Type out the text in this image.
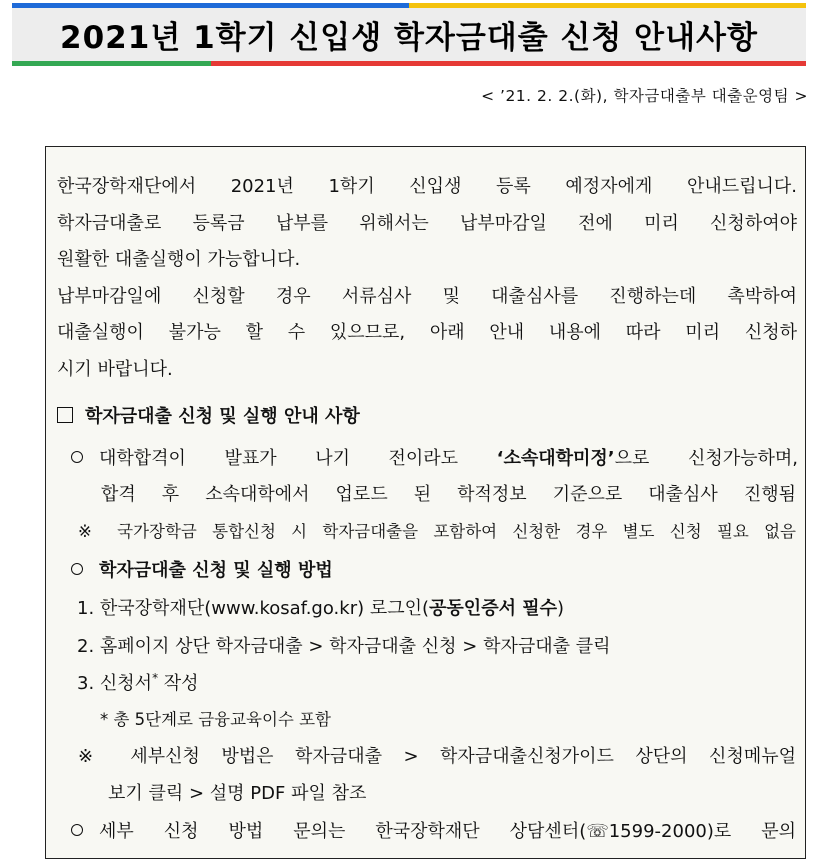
2021년 1학기 신입생 학자금대출 신청 안내사항
< ’21. 2. 2.(화), 학자금대출부 대출운영팀 >
한국장학재단에서 2021년 1학기 신입생 등록 예정자에게 안내드립니다.
학자금대출로 등록금 납부를 위해서는 납부마감일 전에 미리 신청하여야
원활한 대출실행이 가능합니다.
납부마감일에 신청할 경우 서류심사 및 대출심사를 진행하는데 촉박하여
대출실행이 불가능 할 수 있으므로, 아래 안내 내용에 따라 미리 신청하
시기 바랍니다.
학자금대출 신청 및 실행 안내 사항
대학합격이 발표가 나기 전이라도 ‘소속대학미정’으로 신청가능하며,
합격 후 소속대학에서 업로드 된 학적정보 기준으로 대출심사 진행됨
※ 국가장학금 통합신청 시 학자금대출을 포함하여 신청한 경우 별도 신청 필요 없음
학자금대출 신청 및 실행 방법
1. 한국장학재단(www.kosaf.go.kr) 로그인(공동인증서 필수)
2. 홈페이지 상단 학자금대출 > 학자금대출 신청 > 학자금대출 클릭
3. 신청서* 작성
* 총 5단계로 금융교육이수 포함
※ 세부신청 방법은 학자금대출 > 학자금대출신청가이드 상단의 신청메뉴얼
보기 클릭 > 설명 PDF 파일 참조
세부 신청 방법 문의는 한국장학재단 상담센터(☏1599-2000)로 문의
